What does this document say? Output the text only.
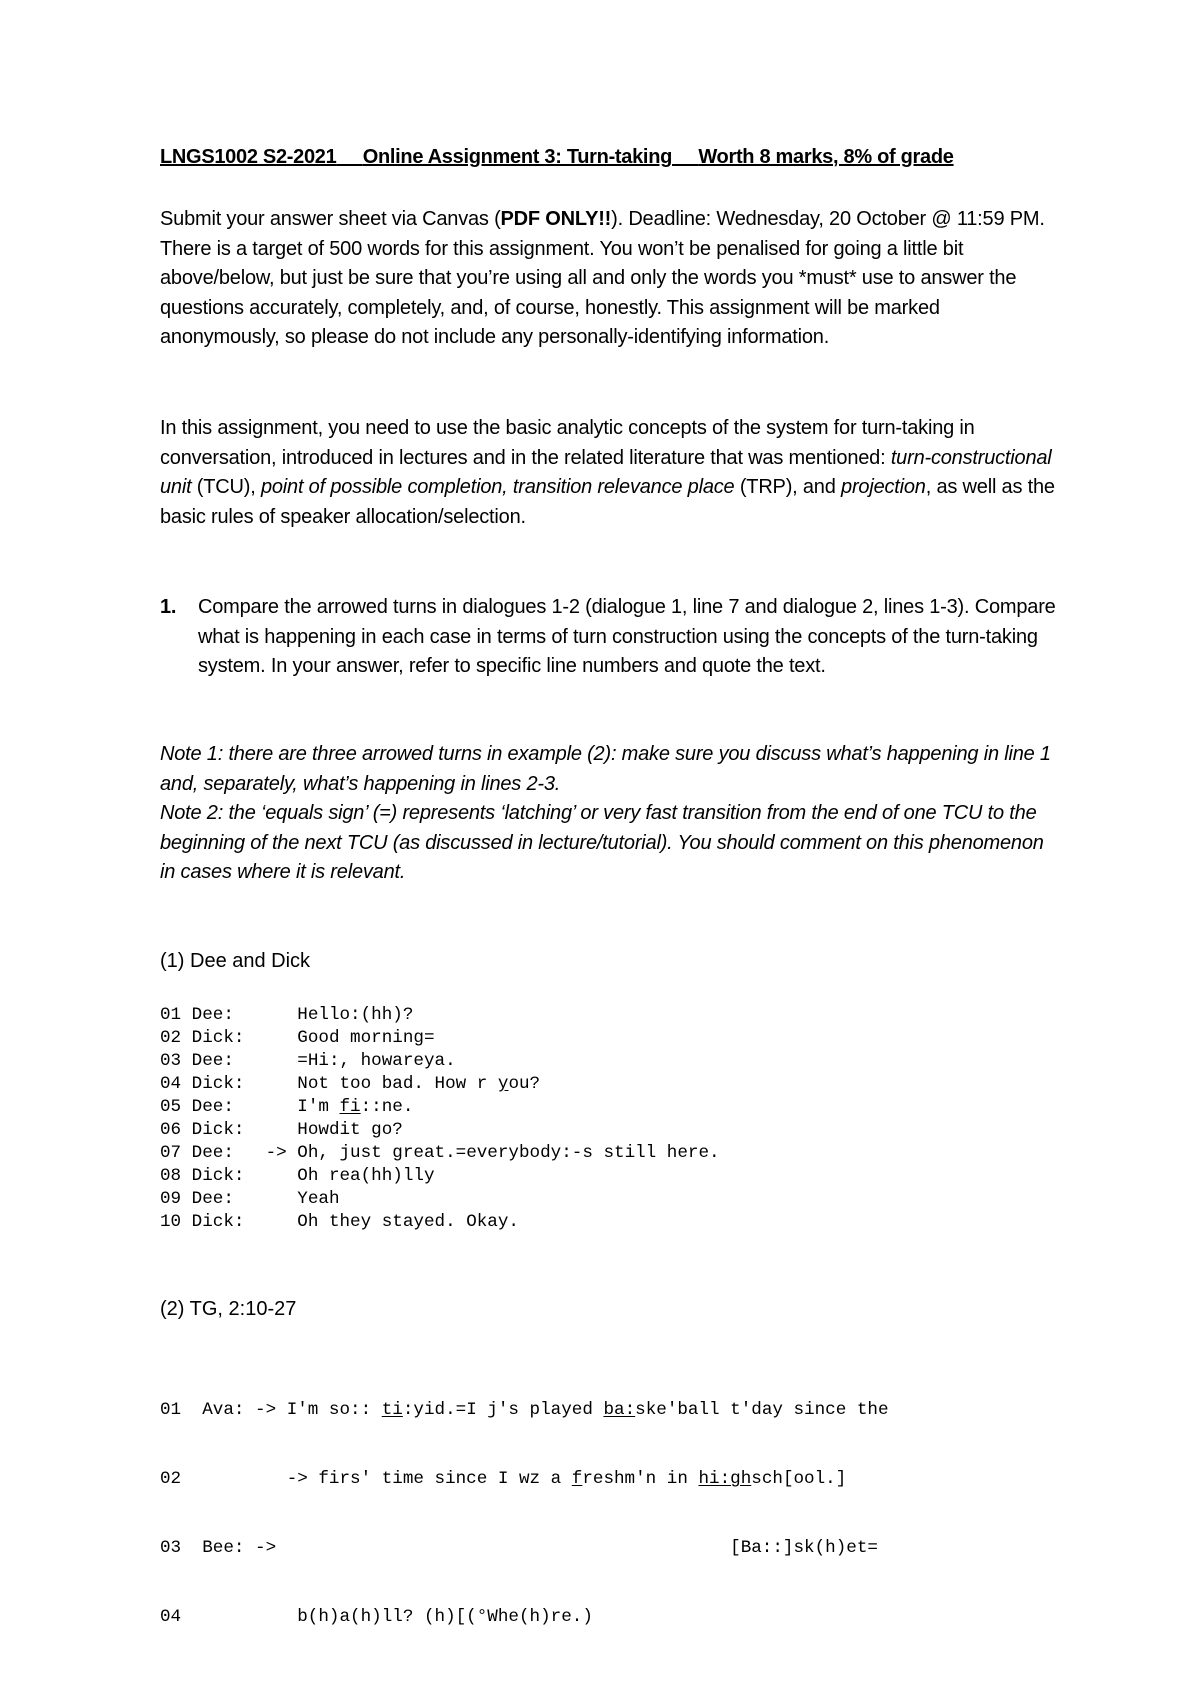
LNGS1002 S2-2021 Online Assignment 3: Turn-taking Worth 8 marks, 8% of grade
Submit your answer sheet via Canvas (PDF ONLY!!). Deadline: Wednesday, 20 October @ 11:59 PM. There is a target of 500 words for this assignment. You won’t be penalised for going a little bit above/below, but just be sure that you’re using all and only the words you *must* use to answer the questions accurately, completely, and, of course, honestly. This assignment will be marked anonymously, so please do not include any personally-identifying information.
In this assignment, you need to use the basic analytic concepts of the system for turn-taking in conversation, introduced in lectures and in the related literature that was mentioned: turn-constructional unit (TCU), point of possible completion, transition relevance place (TRP), and projection, as well as the basic rules of speaker allocation/selection.
1. Compare the arrowed turns in dialogues 1-2 (dialogue 1, line 7 and dialogue 2, lines 1-3). Compare what is happening in each case in terms of turn construction using the concepts of the turn-taking system. In your answer, refer to specific line numbers and quote the text.
Note 1: there are three arrowed turns in example (2): make sure you discuss what’s happening in line 1 and, separately, what’s happening in lines 2-3.
Note 2: the ‘equals sign’ (=) represents ‘latching’ or very fast transition from the end of one TCU to the beginning of the next TCU (as discussed in lecture/tutorial). You should comment on this phenomenon in cases where it is relevant.
(1) Dee and Dick
01 Dee:      Hello:(hh)?
02 Dick:     Good morning=
03 Dee:      =Hi:, howareya.
04 Dick:     Not too bad. How r you?
05 Dee:      I'm fi::ne.
06 Dick:     Howdit go?
07 Dee:   -> Oh, just great.=everybody:-s still here.
08 Dick:     Oh rea(hh)lly
09 Dee:      Yeah
10 Dick:     Oh they stayed. Okay.
(2) TG, 2:10-27

01  Ava: -> I'm so:: ti:yid.=I j's played ba:ske'ball t'day since the

02          -> firs' time since I wz a freshm'n in hi:ghsch[ool.]

03  Bee: ->                                           [Ba::]sk(h)et=

04           b(h)a(h)ll? (h)[(°Whe(h)re.)
